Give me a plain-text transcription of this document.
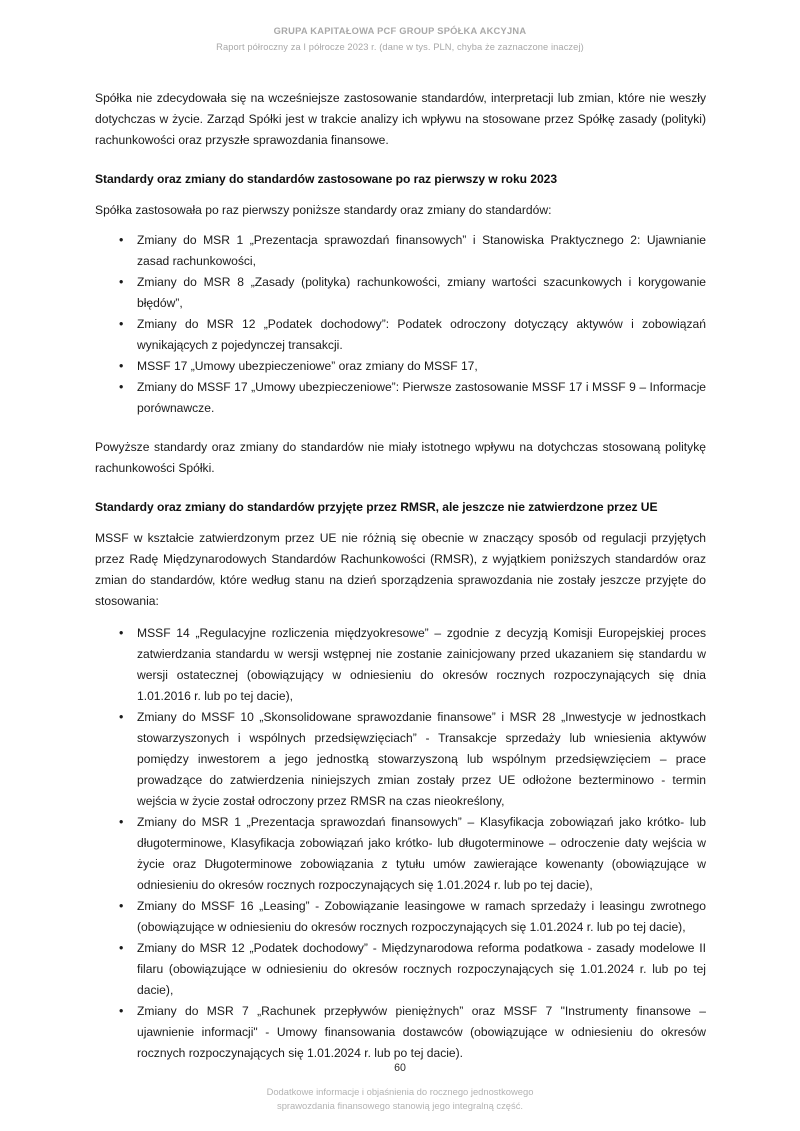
GRUPA KAPITAŁOWA PCF GROUP SPÓŁKA AKCYJNA
Raport półroczny za I półrocze 2023 r. (dane w tys. PLN, chyba że zaznaczone inaczej)

Spółka nie zdecydowała się na wcześniejsze zastosowanie standardów, interpretacji lub zmian, które nie weszły dotychczas w życie. Zarząd Spółki jest w trakcie analizy ich wpływu na stosowane przez Spółkę zasady (polityki) rachunkowości oraz przyszłe sprawozdania finansowe.

Standardy oraz zmiany do standardów zastosowane po raz pierwszy w roku 2023

Spółka zastosowała po raz pierwszy poniższe standardy oraz zmiany do standardów:

• Zmiany do MSR 1 „Prezentacja sprawozdań finansowych” i Stanowiska Praktycznego 2: Ujawnianie zasad rachunkowości,
• Zmiany do MSR 8 „Zasady (polityka) rachunkowości, zmiany wartości szacunkowych i korygowanie błędów”,
• Zmiany do MSR 12 „Podatek dochodowy”: Podatek odroczony dotyczący aktywów i zobowiązań wynikających z pojedynczej transakcji.
• MSSF 17 „Umowy ubezpieczeniowe” oraz zmiany do MSSF 17,
• Zmiany do MSSF 17 „Umowy ubezpieczeniowe”: Pierwsze zastosowanie MSSF 17 i MSSF 9 – Informacje porównawcze.

Powyższe standardy oraz zmiany do standardów nie miały istotnego wpływu na dotychczas stosowaną politykę rachunkowości Spółki.

Standardy oraz zmiany do standardów przyjęte przez RMSR, ale jeszcze nie zatwierdzone przez UE

MSSF w kształcie zatwierdzonym przez UE nie różnią się obecnie w znaczący sposób od regulacji przyjętych przez Radę Międzynarodowych Standardów Rachunkowości (RMSR), z wyjątkiem poniższych standardów oraz zmian do standardów, które według stanu na dzień sporządzenia sprawozdania nie zostały jeszcze przyjęte do stosowania:

• MSSF 14 „Regulacyjne rozliczenia międzyokresowe” – zgodnie z decyzją Komisji Europejskiej proces zatwierdzania standardu w wersji wstępnej nie zostanie zainicjowany przed ukazaniem się standardu w wersji ostatecznej (obowiązujący w odniesieniu do okresów rocznych rozpoczynających się dnia 1.01.2016 r. lub po tej dacie),
• Zmiany do MSSF 10 „Skonsolidowane sprawozdanie finansowe” i MSR 28 „Inwestycje w jednostkach stowarzyszonych i wspólnych przedsięwzięciach” - Transakcje sprzedaży lub wniesienia aktywów pomiędzy inwestorem a jego jednostką stowarzyszoną lub wspólnym przedsięwzięciem – prace prowadzące do zatwierdzenia niniejszych zmian zostały przez UE odłożone bezterminowo - termin wejścia w życie został odroczony przez RMSR na czas nieokreślony,
• Zmiany do MSR 1 „Prezentacja sprawozdań finansowych” – Klasyfikacja zobowiązań jako krótko- lub długoterminowe, Klasyfikacja zobowiązań jako krótko- lub długoterminowe – odroczenie daty wejścia w życie oraz Długoterminowe zobowiązania z tytułu umów zawierające kowenanty (obowiązujące w odniesieniu do okresów rocznych rozpoczynających się 1.01.2024 r. lub po tej dacie),
• Zmiany do MSSF 16 „Leasing” - Zobowiązanie leasingowe w ramach sprzedaży i leasingu zwrotnego (obowiązujące w odniesieniu do okresów rocznych rozpoczynających się 1.01.2024 r. lub po tej dacie),
• Zmiany do MSR 12 „Podatek dochodowy” - Międzynarodowa reforma podatkowa - zasady modelowe II filaru (obowiązujące w odniesieniu do okresów rocznych rozpoczynających się 1.01.2024 r. lub po tej dacie),
• Zmiany do MSR 7 „Rachunek przepływów pieniężnych” oraz MSSF 7 "Instrumenty finansowe – ujawnienie informacji" - Umowy finansowania dostawców (obowiązujące w odniesieniu do okresów rocznych rozpoczynających się 1.01.2024 r. lub po tej dacie).
60
Dodatkowe informacje i objaśnienia do rocznego jednostkowego
sprawozdania finansowego stanowią jego integralną część.
